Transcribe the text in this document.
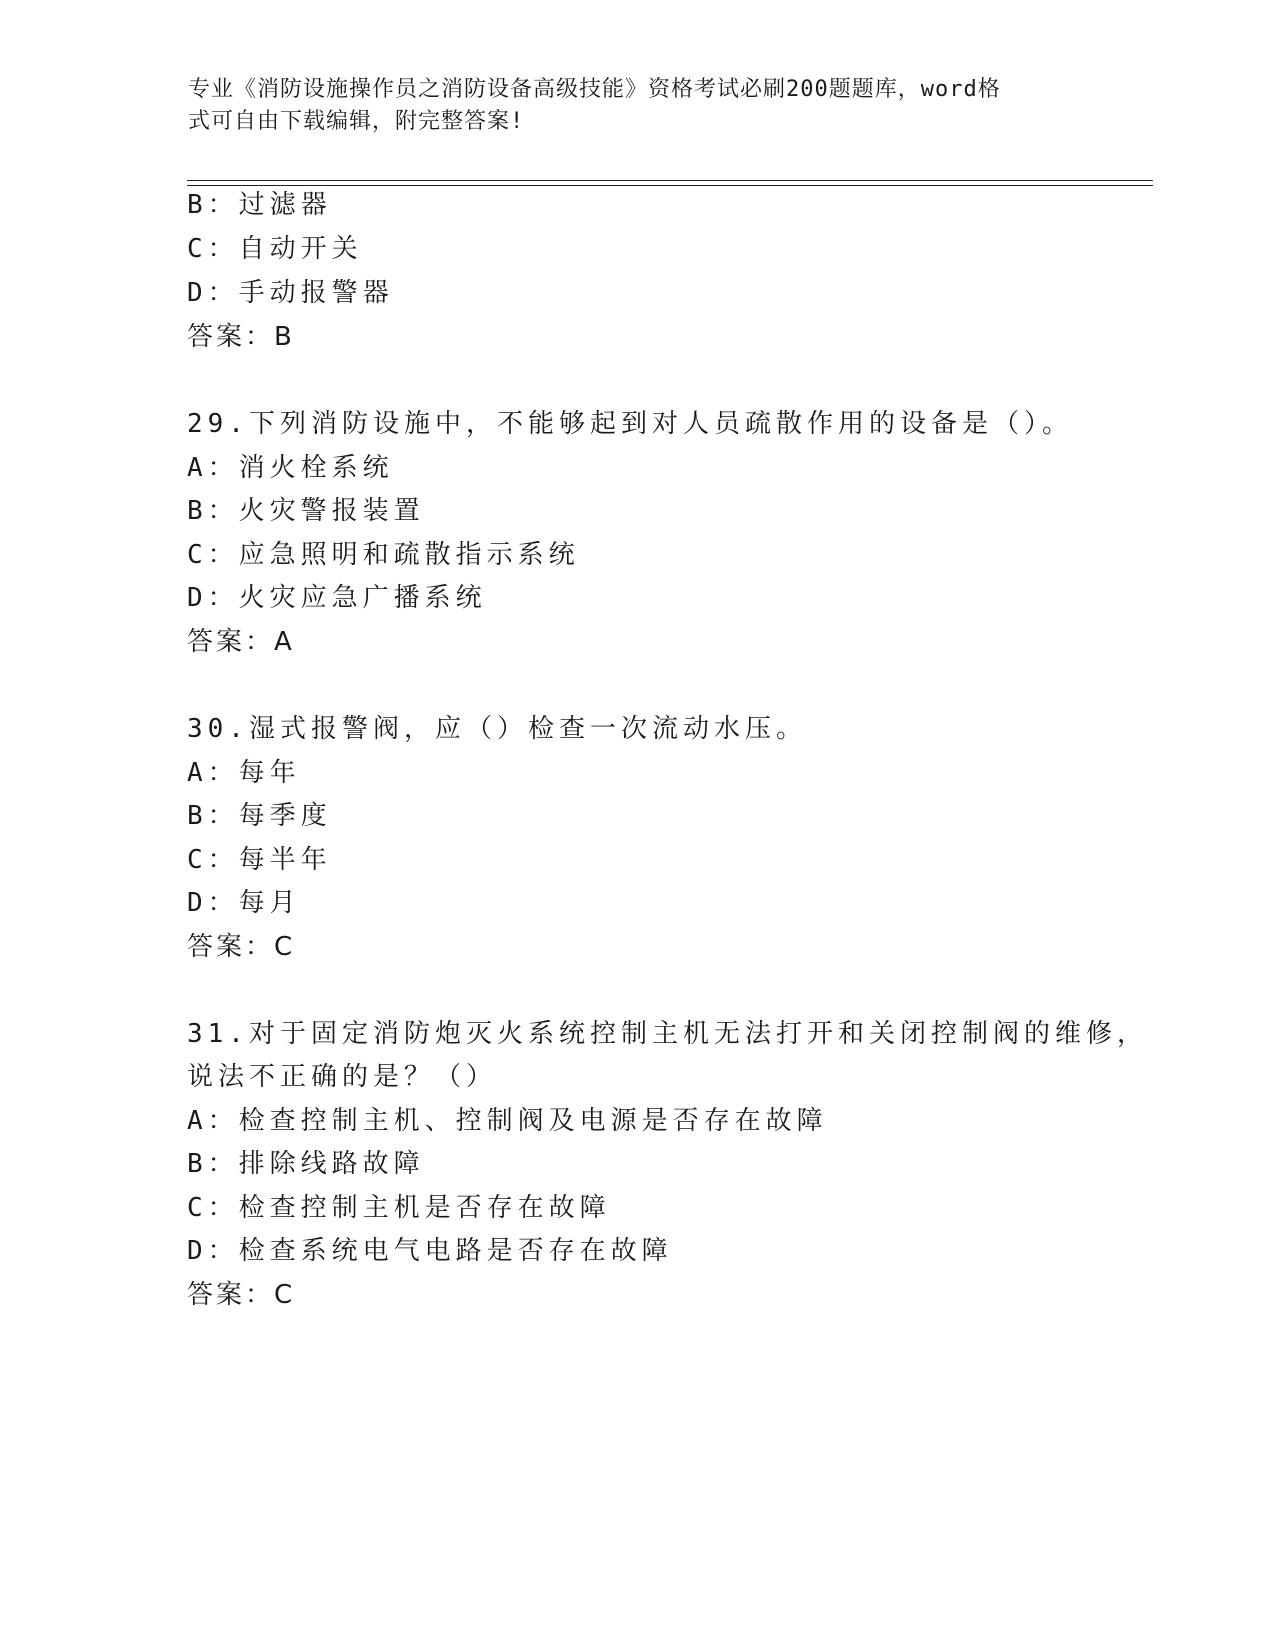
专业《消防设施操作员之消防设备高级技能》资格考试必刷200题题库，word格
式可自由下载编辑，附完整答案!
B：过滤器
C：自动开关
D：手动报警器
答案：B
29.下列消防设施中，不能够起到对人员疏散作用的设备是（）。
A：消火栓系统
B：火灾警报装置
C：应急照明和疏散指示系统
D：火灾应急广播系统
答案：A
30.湿式报警阀，应（）检查一次流动水压。
A：每年
B：每季度
C：每半年
D：每月
答案：C
31.对于固定消防炮灭火系统控制主机无法打开和关闭控制阀的维修，
说法不正确的是？（）
A：检查控制主机、控制阀及电源是否存在故障
B：排除线路故障
C：检查控制主机是否存在故障
D：检查系统电气电路是否存在故障
答案：C
